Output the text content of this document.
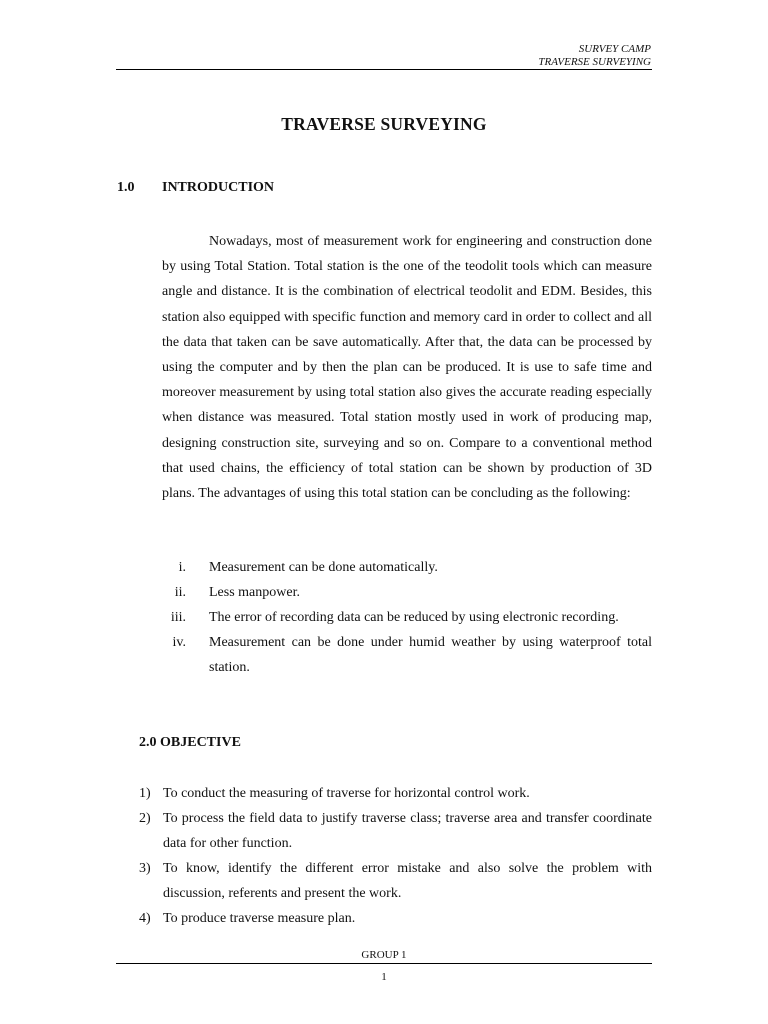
SURVEY CAMP
TRAVERSE SURVEYING
TRAVERSE SURVEYING
1.0 INTRODUCTION

Nowadays, most of measurement work for engineering and construction done by using Total Station. Total station is the one of the teodolit tools which can measure angle and distance. It is the combination of electrical teodolit and EDM. Besides, this station also equipped with specific function and memory card in order to collect and all the data that taken can be save automatically. After that, the data can be processed by using the computer and by then the plan can be produced. It is use to safe time and moreover measurement by using total station also gives the accurate reading especially when distance was measured. Total station mostly used in work of producing map, designing construction site, surveying and so on. Compare to a conventional method that used chains, the efficiency of total station can be shown by production of 3D plans. The advantages of using this total station can be concluding as the following:

i. Measurement can be done automatically.
ii. Less manpower.
iii. The error of recording data can be reduced by using electronic recording.
iv. Measurement can be done under humid weather by using waterproof total station.
2.0 OBJECTIVE
1) To conduct the measuring of traverse for horizontal control work.
2) To process the field data to justify traverse class; traverse area and transfer coordinate data for other function.
3) To know, identify the different error mistake and also solve the problem with discussion, referents and present the work.
4) To produce traverse measure plan.
GROUP 1
1
